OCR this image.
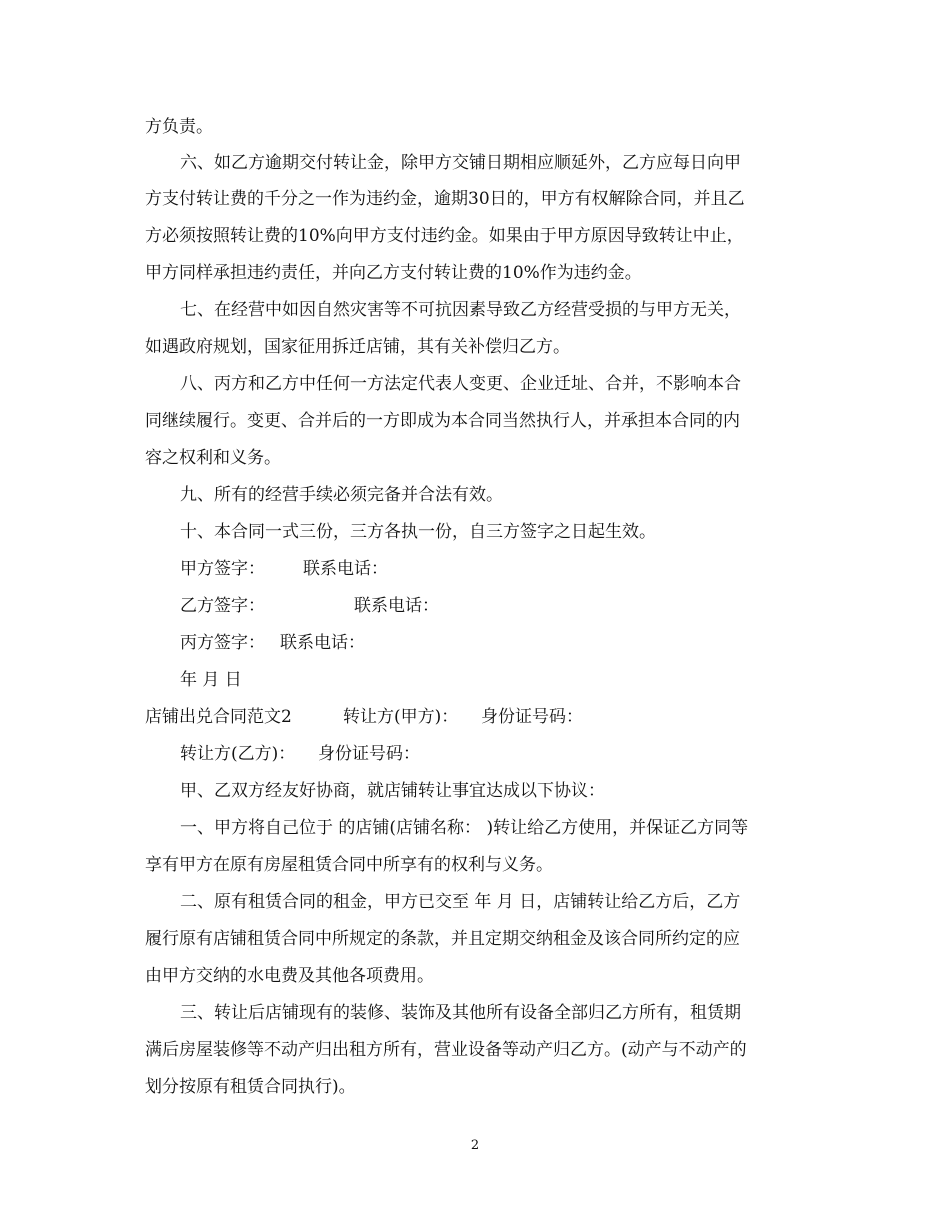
方负责。
六、如乙方逾期交付转让金，除甲方交铺日期相应顺延外，乙方应每日向甲
方支付转让费的千分之一作为违约金，逾期30日的，甲方有权解除合同，并且乙
方必须按照转让费的10%向甲方支付违约金。如果由于甲方原因导致转让中止，
甲方同样承担违约责任，并向乙方支付转让费的10%作为违约金。
七、在经营中如因自然灾害等不可抗因素导致乙方经营受损的与甲方无关，
如遇政府规划，国家征用拆迁店铺，其有关补偿归乙方。
八、丙方和乙方中任何一方法定代表人变更、企业迁址、合并，不影响本合
同继续履行。变更、合并后的一方即成为本合同当然执行人，并承担本合同的内
容之权利和义务。
九、所有的经营手续必须完备并合法有效。
十、本合同一式三份，三方各执一份，自三方签字之日起生效。
甲方签字： 联系电话：
乙方签字：	联系电话：
丙方签字： 联系电话：
年 月 日
店铺出兑合同范文2	转让方(甲方)： 身份证号码：
转让方(乙方)： 身份证号码：
甲、乙双方经友好协商，就店铺转让事宜达成以下协议：
一、甲方将自己位于 的店铺(店铺名称： )转让给乙方使用，并保证乙方同等
享有甲方在原有房屋租赁合同中所享有的权利与义务。
二、原有租赁合同的租金，甲方已交至 年 月 日，店铺转让给乙方后，乙方
履行原有店铺租赁合同中所规定的条款，并且定期交纳租金及该合同所约定的应
由甲方交纳的水电费及其他各项费用。
三、转让后店铺现有的装修、装饰及其他所有设备全部归乙方所有，租赁期
满后房屋装修等不动产归出租方所有，营业设备等动产归乙方。(动产与不动产的
划分按原有租赁合同执行)。
2
